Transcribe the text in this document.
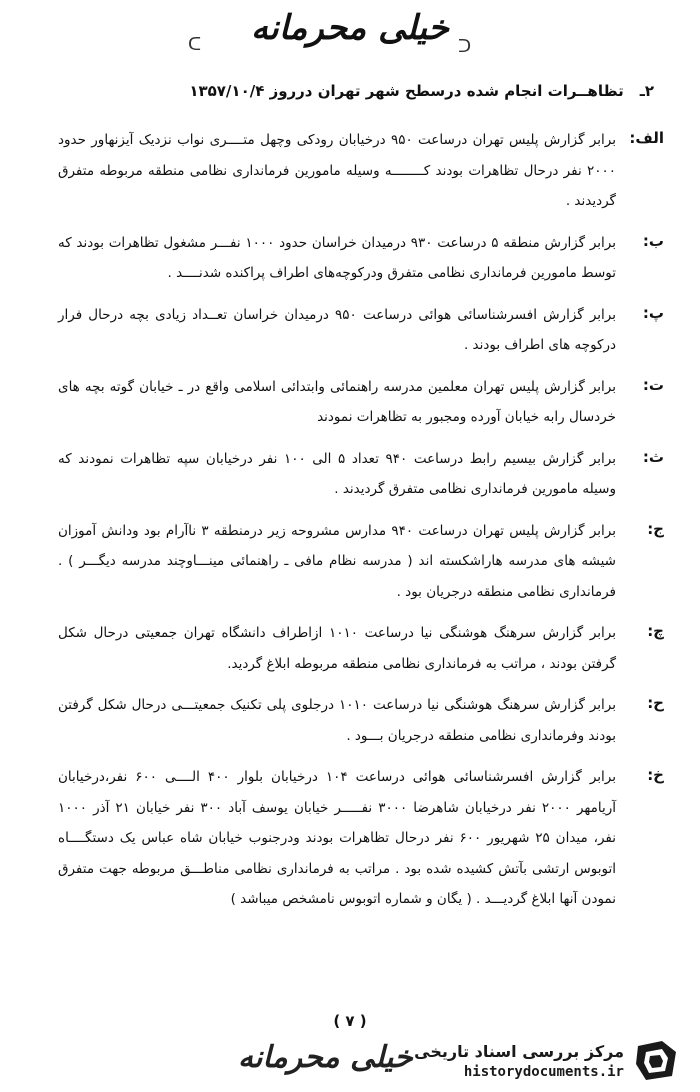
خیلی محرمانه
ᑕ	ᑐ
۲ـ
تظاهــرات انجام شده درسطح شهر تهران درروز ۱۳۵۷/۱۰/۴
الف:
برابر گزارش پلیس تهران درساعت ۹۵۰ درخیابان رودکی وچهل متــــری نواب نزدیک آیزنهاور حدود ۲۰۰۰ نفر درحال تظاهرات بودند کــــــــه وسیله مامورین فرمانداری نظامی منطقه مربوطه متفرق گردیدند .
ب:
برابر گزارش منطقه ۵ درساعت ۹۳۰ درمیدان خراسان حدود ۱۰۰۰ نفـــر مشغول تظاهرات بودند که توسط مامورین فرمانداری نظامی متفرق ودرکوچه‌های اطراف پراکنده شدنــــد .
پ:
برابر گزارش افسرشناسائی هوائی درساعت ۹۵۰ درمیدان خراسان تعــداد زیادی بچه درحال فرار درکوچه های اطراف بودند .
ت:
برابر گزارش پلیس تهران معلمین مدرسه راهنمائی وابتدائی اسلامی واقع در ـ خیابان گوته بچه های خردسال رابه خیابان آورده ومجبور به تظاهرات نمودند
ث:
برابر گزارش بیسیم رابط درساعت ۹۴۰ تعداد ۵ الی ۱۰۰ نفر درخیابان سپه تظاهرات نمودند که وسیله مامورین فرمانداری نظامی متفرق گردیدند .
ج:
برابر گزارش پلیس تهران درساعت ۹۴۰ مدارس مشروحه زیر درمنطقه ۳ ناآرام بود ودانش آموزان شیشه های مدرسه هاراشکسته اند ( مدرسه نظام مافی ـ راهنمائی مینـــاوچند مدرسه دیگـــر ) . فرمانداری نظامی منطقه درجریان بود .
چ:
برابر گزارش سرهنگ هوشنگی نیا درساعت ۱۰۱۰ ازاطراف دانشگاه تهران جمعیتی درحال شکل گرفتن بودند ، مراتب به فرمانداری نظامی منطقه مربوطه ابلاغ گردید.
ح:
برابر گزارش سرهنگ هوشنگی نیا درساعت ۱۰۱۰ درجلوی پلی تکنیک جمعیتـــی درحال شکل گرفتن بودند وفرمانداری نظامی منطقه درجریان بـــود .
خ:
برابر گزارش افسرشناسائی هوائی درساعت ۱۰۴ درخیابان بلوار ۴۰۰ الــــی ۶۰۰ نفر،درخیابان آریامهر ۲۰۰۰ نفر درخیابان شاهرضا ۳۰۰۰ نفـــــر خیابان یوسف آباد ۳۰۰ نفر خیابان ۲۱ آذر ۱۰۰۰ نفر، میدان ۲۵ شهریور ۶۰۰ نفر درحال تظاهرات بودند ودرجنوب خیابان شاه عباس یک دستگــــاه اتوبوس ارتشی بآتش کشیده شده بود . مراتب به فرمانداری نظامی مناطـــق مربوطه جهت متفرق نمودن آنها ابلاغ گردیـــد . ( یگان و شماره اتوبوس نامشخص میباشد )
( ۷ )
خیلی محرمانه مرکز بررسی اسناد تاریخی
historydocuments.ir
